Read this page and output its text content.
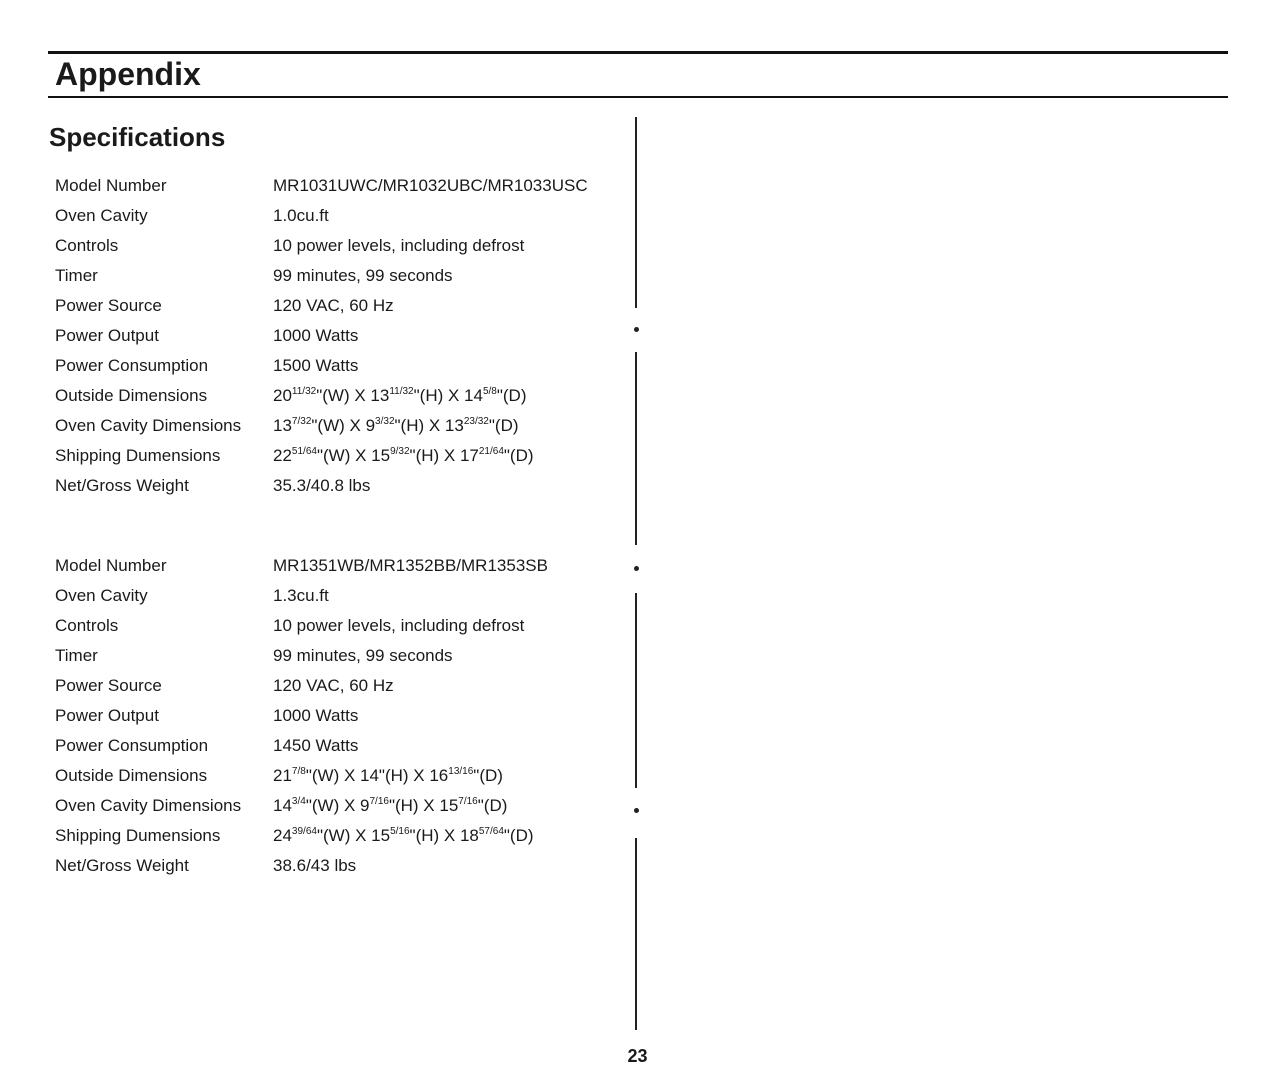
Appendix
Specifications
Model Number	MR1031UWC/MR1032UBC/MR1033USC
Oven Cavity	1.0cu.ft
Controls	10 power levels, including defrost
Timer	99 minutes, 99 seconds
Power Source	120 VAC, 60 Hz
Power Output	1000 Watts
Power Consumption	1500 Watts
Outside Dimensions	$20^{11/32}"(W)$ X $13^{11/32}"(H)$ X $14^{5/8}"(D)$
Oven Cavity Dimensions	$13^{7/32}"(W)$ X $9^{3/32}"(H)$ X $13^{23/32}"(D)$
Shipping Dumensions	$22^{51/64}"(W)$ X $15^{9/32}"(H)$ X $17^{21/64}"(D)$
Net/Gross Weight	35.3/40.8 lbs
Model Number	MR1351WB/MR1352BB/MR1353SB
Oven Cavity	1.3cu.ft
Controls	10 power levels, including defrost
Timer	99 minutes, 99 seconds
Power Source	120 VAC, 60 Hz
Power Output	1000 Watts
Power Consumption	1450 Watts
Outside Dimensions	$21^{7/8}"(W)$ X 14"(H) X $16^{13/16}"(D)$
Oven Cavity Dimensions	$14^{3/4}"(W)$ X $9^{7/16}"(H)$ X $15^{7/16}"(D)$
Shipping Dumensions	$24^{39/64}"(W)$ X $15^{5/16}"(H)$ X $18^{57/64}"(D)$
Net/Gross Weight	38.6/43 lbs

23
